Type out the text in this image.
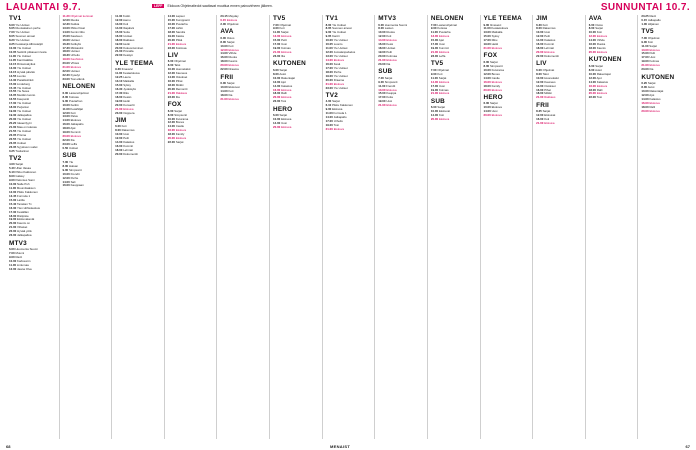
LAUANTAI 9.7.	LEFF Elokuva Ohjelmatiedot saattavat muuttua ennen painovirheen jälkeen.	SUNNUNTAI 10.7.
TV1
6.00 Yle Uutiset
6.05 Ruotsalainen perhe
7.00 Yle Uutiset
8.05 Suomen ainoat
8.20 Yle Uutiset
9.25 Kesäsarja Albiosteljöt
10.00 Yle Uutiset
10.05 Seitinlit pitkaseni riesta
11.00 Yle Uutiset
11.05 Kantrisalkka
12.15 Rintamakytkut
13.00 Yle Uutiset
13.15 Hyvää päivää
13.55 Luonto
14.30 Parakkolinkit
15.00 Lindeberg
15.45 Yle Uutiset
15.55 Yle News
16.05 Meidän luonto
16.55 Kaupunki
17.00 Yle Uutiset
18.00 Perjantai
19.00 Yle Uutiset
19.30 Jalkapalloa
20.00 Yle Uutiset
20.20 Ideaerilyyni
21.00 Maa on tulessa
21.55 Yle Uutiset
22.05 Prisma
22.55 Yle Uutiset
23.05 Uutiset
23.35 Syyskuun sudet
0.25 Tositarinat
TV2
4.00 Sarjat
5.40 Ullan Vasaa
6.10 Pikku Kakkonen
8.00 Galaxy
9.00 Palomies Sami
10.00 Nalle Puh
11.00 Muumilaakson
12.00 Pikku Kakkonen
13.45 Formula 1
15.00 Laitila
15.40 Tanskan Tv
16.30 Ylen Hiihtokeskus
17.30 Kesäillan
18.00 Ristipiste
19.00 Elokuvakevät
20.00 Kaunis on
21.00 Vihaiset
22.00 Hyvää yötä
23.00 Jalkapalloa
MTV3
6.00 Huomenta Suomi
7.00 Muumi
9.00 Ravit
10.00 Karlssonin
11.00 Lintumaa
12.00 Jaana Oiva
11.30 Ohjelmat kertovat
12.00 Ruoka
12.30 Kukkia
13.00 Pikku Kisat
14.00 Kemin liitto
15.00 Kaarteen
16.00 Uutiset
16.30 Kotikylä
17.30 Minkasiini
18.00 Uutiset
18.30 Urheilu
19.00 Kauhistus
20.00 Vihreä
21.00 Elokuva
22.00 Uutiset
22.30 Kyselyt
23.00 Tosi elämä
NELONEN
6.00 Lastenohjelmat
8.00 Kotiosa
9.00 Puutarhan
10.00 Keittiö
11.00 Kesähiljat
12.00 Koti
13.00 Paluu
14.00 Elokuva
16.00 Jalkapallo
18.00 Ajat
19.00 Kummit
20.00 Elokuva
22.00 Ilta
23.00 Leffa
0.50 Uutiset
SUB
7.00 Yle
8.00 Haluan
9.00 Simpsonit
10.00 Frendit
12.00 Perhe
14.00 Sali
16.00 Kauppaan
11.30 Kotiin
12.00 Aamu
13.00 Koti
14.00 Iltapäivä
15.00 Soita
16.00 Uutiset
18.00 Rakkaus
19.00 Hetki
20.00 Kokoontuminen
21.00 Pinnalla
22.00 Kesäyö
YLE TEEMA
9.30 Ilmaveivi
11.00 Kesäelokuva
12.25 Laura
13.10 Matkalla
15.00 Syksy
16.30 Jyväskylä
17.30 Riku
18.00 Kesän
19.00 Hetki
20.00 Konsertti
21.00 Elokuva
23.00 Ooppera
JIM
6.00 Koti
8.00 Rakennus
10.00 Uusi
12.00 Pelit
14.00 Kalastus
16.00 Kummit
18.00 Lehmät
20.00 Dokumentti
14.00 Lapset
15.00 Kumppanit
16.00 Puutarha
17.00 Lähiö
18.00 Sandra
19.00 Kaista
20.00 Pitkä
21.00 Elokuva
23.00 Kotimaa
LIV
6.00 Ohjelmat
8.00 Talot
10.00 Huonekalut
12.00 Kauneus
14.00 Ostokset
16.00 Pihat
18.00 Mökki
20.00 Remontti
21.00 Rakkaus
23.00 Ilta
FOX
6.00 Sarjat
8.00 Simpsonit
10.00 Futurama
12.00 Bones
14.00 Castle
16.00 Elokuva
18.00 Family
20.00 Elokuva
22.00 Sarjat
23.15 Mayday
0.15 Elokuva
2.00 Ohjelmat
AVA
6.00 Ostos
8.00 Sarjat
10.00 Koti
12.00 Elokuva
14.00 Viihde
16.00 Ruoka
18.00 Kaunis
20.00 Elokuva
22.00 Draama
FRII
6.00 Sarjat
10.00 Elokuvat
14.00 Koti
18.00 Ilta
21.00 Elokuva
TV5
7.00 Ohjelmat
9.00 Koti
11.00 Sarjat
13.00 Elokuva
15.00 Pelit
17.00 Uusi
19.00 Kolmas
21.00 Elokuva
23.00 Ilta
KUTONEN
6.00 Sarjat
8.00 Autot
10.00 Rakentajat
12.00 Ajot
14.00 Kalastus
16.00 Elokuva
18.00 Ralli
20.00 Elokuva
22.00 Tosi
HERO
6.00 Sarjat
10.00 Elokuva
14.00 Uusi
20.00 Elokuva
TV1
8.00 Yle Uutiset
8.05 Suomen ainoat
9.00 Yle Uutiset
9.05 Kantri
10.00 Yle Uutiset
10.05 Luonto
11.00 Yle Uutiset
12.00 Jumalanpalvelus
13.00 Yle Uutiset
14.00 Elokuva
16.00 Kesä
17.00 Yle Uutiset
18.00 Perhe
19.00 Yle Uutiset
20.00 Draama
21.00 Elokuva
23.00 Yle Uutiset
TV2
4.00 Sarjat
6.10 Pikku Kakkonen
9.00 Elokuva
11.00 Formula 1
14.00 Jalkapallo
17.00 Urheilu
19.00 Tosi
21.00 Elokuva
MTV3
6.00 Huomenta Suomi
8.00 Lasten
10.00 Ruoka
12.00 Koti
14.00 Elokuva
16.00 Kesä
18.00 Uutiset
19.00 Pelit
20.00 Kotimaa
21.00 Elokuva
23.00 Ilta
SUB
7.00 Sarjat
9.00 Simpsonit
11.00 Frendit
13.00 Elokuva
15.00 Kauppa
17.00 Kotia
19.00 Uusi
21.00 Elokuva
NELONEN
7.00 Lastenohjelmat
9.00 Kotiosa
11.00 Puutarha
13.00 Elokuva
15.00 Ajat
17.00 Uusi
19.00 Kummit
21.00 Elokuva
23.00 Leffa
TV5
7.00 Ohjelmat
9.00 Koti
11.00 Sarjat
14.00 Elokuva
17.00 Uusi
19.00 Kolmas
21.00 Elokuva
SUB
6.00 Sarjat
10.00 Elokuvat
14.00 Koti
20.00 Elokuva
YLE TEEMA
9.00 Ilmaveivi
11.00 Kesäelokuva
13.00 Matkalla
15.00 Syksy
17.00 Riku
19.00 Hetki
21.00 Elokuva
FOX
6.00 Sarjat
8.00 Simpsonit
10.00 Futurama
12.00 Bones
14.00 Castle
16.00 Elokuva
18.00 Family
20.00 Elokuva
HERO
6.00 Sarjat
10.00 Elokuva
14.00 Uusi
20.00 Elokuva
JIM
6.30 Koti
8.00 Rakennus
10.00 Uusi
12.00 Pelit
14.00 Kalastus
16.00 Kummit
18.00 Lehmät
20.00 Elokuva
22.00 Dokumentti
LIV
6.00 Ohjelmat
8.00 Talot
10.00 Huonekalut
12.00 Kauneus
14.00 Ostokset
16.00 Pihat
18.00 Mökki
21.00 Rakkaus
FRII
8.25 Sarjat
12.00 Elokuvat
16.00 Koti
21.00 Elokuva
AVA
6.00 Ostos
8.00 Sarjat
10.00 Koti
12.00 Elokuva
14.00 Viihde
16.00 Ruoka
18.00 Kaunis
20.00 Elokuva
KUTONEN
6.00 Sarjat
8.00 Autot
10.00 Rakentajat
12.00 Ajot
14.00 Kalastus
16.00 Elokuva
18.00 Ralli
20.00 Elokuva
22.00 Tosi
23.25 Ravit
0.15 Jalkapallo
1.00 Hiljainen
TV5
7.00 Ohjelmat
9.00 Koti
11.00 Sarjat
13.00 Elokuva
15.00 Pelit
17.00 Uusi
19.00 Kolmas
21.00 Elokuva
23.00 Ilta
KUTONEN
6.20 Sarjat
8.00 Autot
10.00 Rakentajat
12.00 Ajot
14.00 Kalastus
16.00 Elokuva
18.00 Ralli
20.00 Elokuva
68	MENAIST	67
